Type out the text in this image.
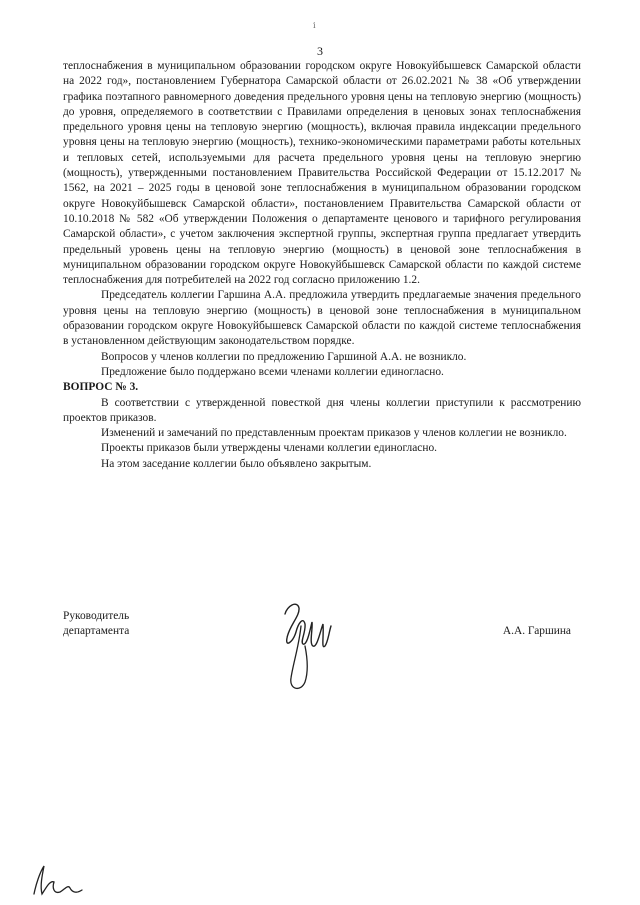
ⅰ
3

теплоснабжения в муниципальном образовании городском округе Новокуйбышевск Самарской области на 2022 год», постановлением Губернатора Самарской области от 26.02.2021 № 38 «Об утверждении графика поэтапного равномерного доведения предельного уровня цены на тепловую энергию (мощность) до уровня, определяемого в соответствии с Правилами определения в ценовых зонах теплоснабжения предельного уровня цены на тепловую энергию (мощность), включая правила индексации предельного уровня цены на тепловую энергию (мощность), технико-экономическими параметрами работы котельных и тепловых сетей, используемыми для расчета предельного уровня цены на тепловую энергию (мощность), утвержденными постановлением Правительства Российской Федерации от 15.12.2017 № 1562, на 2021 – 2025 годы в ценовой зоне теплоснабжения в муниципальном образовании городском округе Новокуйбышевск Самарской области», постановлением Правительства Самарской области от 10.10.2018 № 582 «Об утверждении Положения о департаменте ценового и тарифного регулирования Самарской области», с учетом заключения экспертной группы, экспертная группа предлагает утвердить предельный уровень цены на тепловую энергию (мощность) в ценовой зоне теплоснабжения в муниципальном образовании городском округе Новокуйбышевск Самарской области по каждой системе теплоснабжения для потребителей на 2022 год согласно приложению 1.2.

Председатель коллегии Гаршина А.А. предложила утвердить предлагаемые значения предельного уровня цены на тепловую энергию (мощность) в ценовой зоне теплоснабжения в муниципальном образовании городском округе Новокуйбышевск Самарской области по каждой системе теплоснабжения в установленном действующим законодательством порядке.

Вопросов у членов коллегии по предложению Гаршиной А.А. не возникло.

Предложение было поддержано всеми членами коллегии единогласно.

ВОПРОС № 3.

В соответствии с утвержденной повесткой дня члены коллегии приступили к рассмотрению проектов приказов.

Изменений и замечаний по представленным проектам приказов у членов коллегии не возникло.

Проекты приказов были утверждены членами коллегии единогласно.

На этом заседание коллегии было объявлено закрытым.

Руководитель
департамента	А.А. Гаршина
